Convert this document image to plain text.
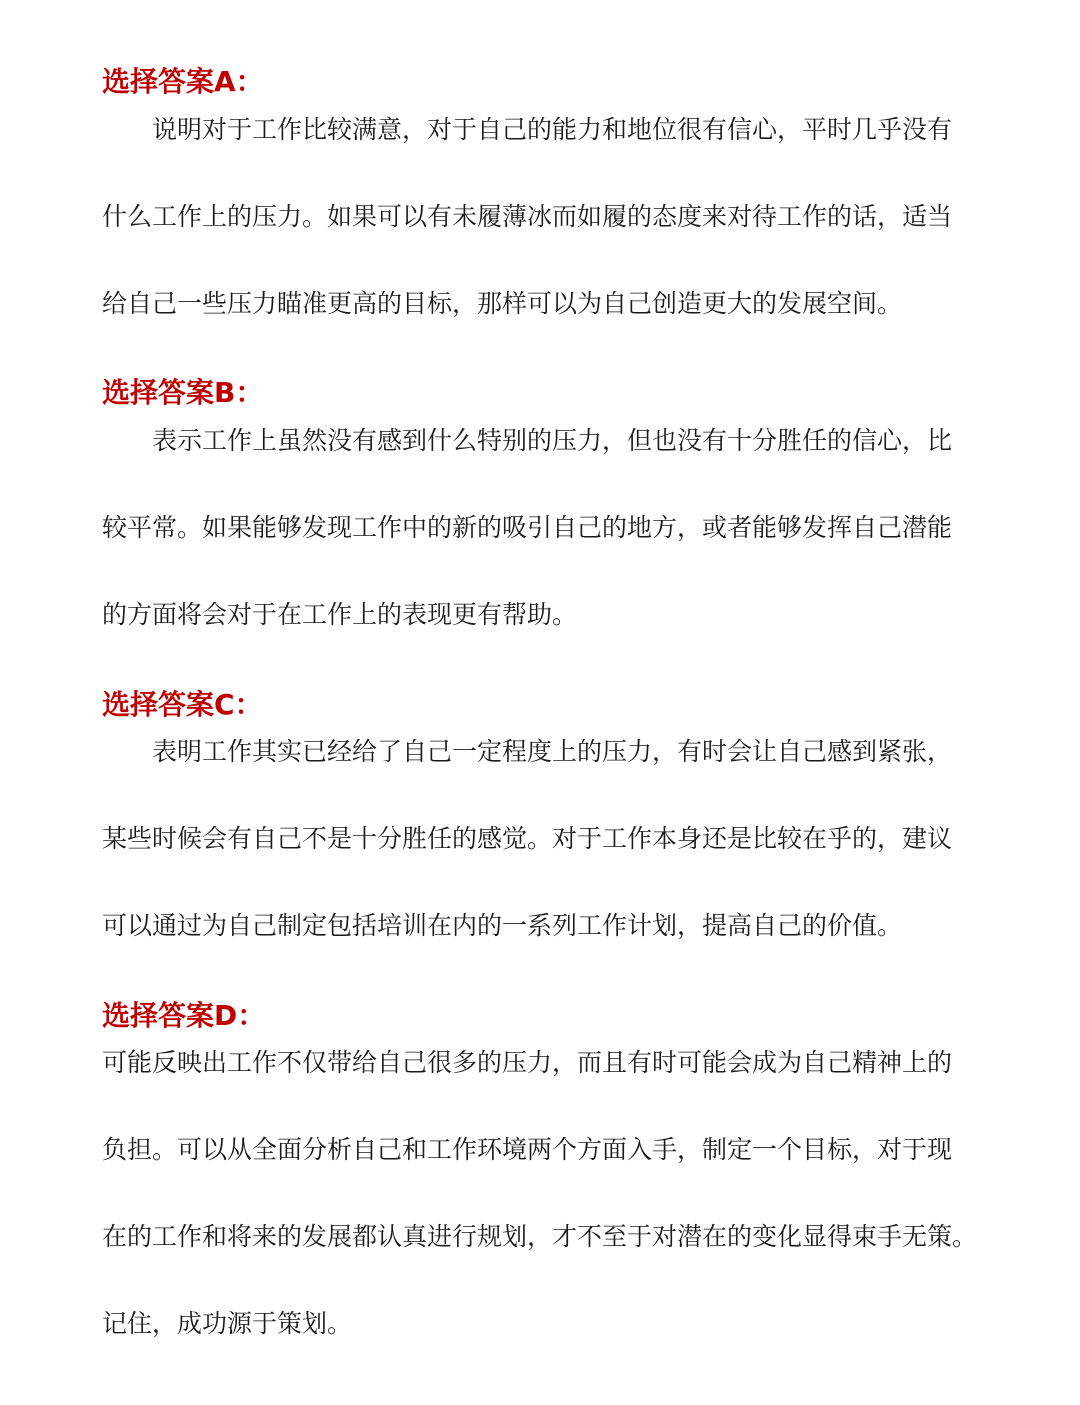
选择答案A：
说明对于工作比较满意，对于自己的能力和地位很有信心，平时几乎没有
什么工作上的压力。如果可以有未履薄冰而如履的态度来对待工作的话，适当
给自己一些压力瞄准更高的目标，那样可以为自己创造更大的发展空间。
选择答案B：
表示工作上虽然没有感到什么特别的压力，但也没有十分胜任的信心，比
较平常。如果能够发现工作中的新的吸引自己的地方，或者能够发挥自己潜能
的方面将会对于在工作上的表现更有帮助。
选择答案C：
表明工作其实已经给了自己一定程度上的压力，有时会让自己感到紧张，
某些时候会有自己不是十分胜任的感觉。对于工作本身还是比较在乎的，建议
可以通过为自己制定包括培训在内的一系列工作计划，提高自己的价值。
选择答案D：
可能反映出工作不仅带给自己很多的压力，而且有时可能会成为自己精神上的
负担。可以从全面分析自己和工作环境两个方面入手，制定一个目标，对于现
在的工作和将来的发展都认真进行规划，才不至于对潜在的变化显得束手无策。
记住，成功源于策划。
